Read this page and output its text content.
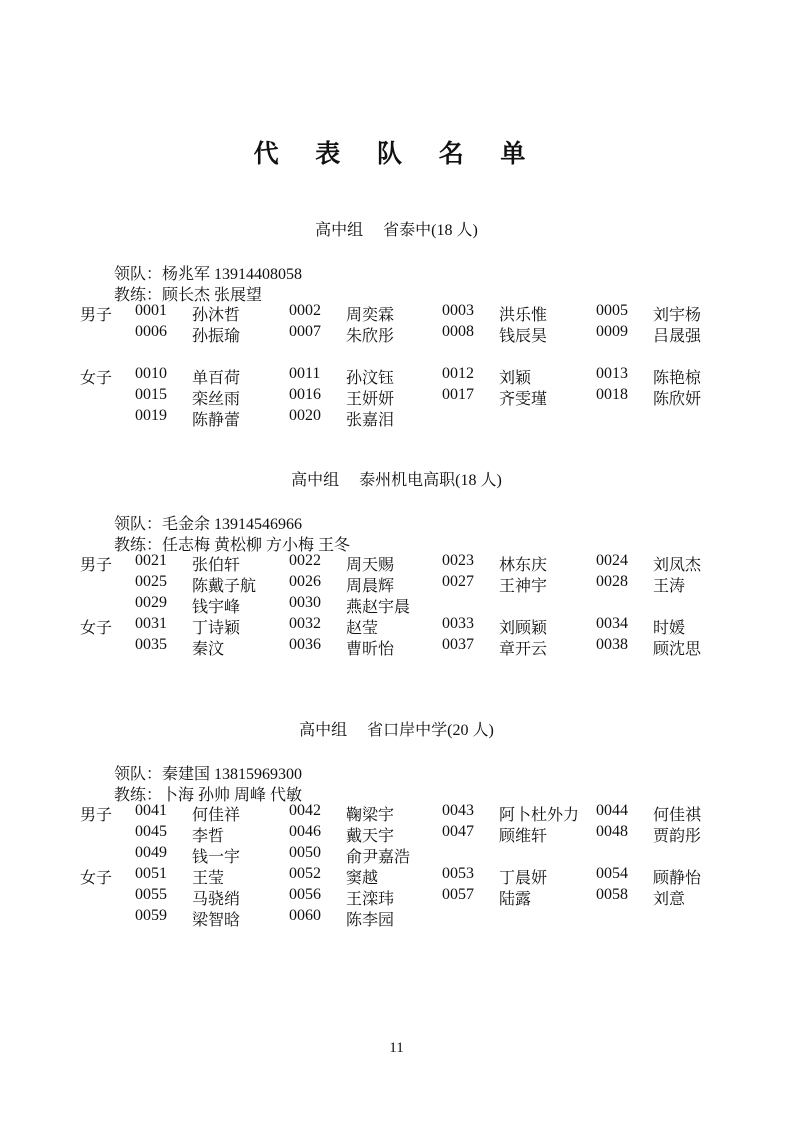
代 表 队 名 单
高中组 省泰中(18 人)
领队：杨兆军 13914408058
教练：顾长杰 张展望
男子 0001 孙沐哲	0002 周奕霖	0003 洪乐惟	0005 刘宇杨
0006 孙振瑜	0007 朱欣彤	0008 钱辰昊	0009 吕晟强
女子 0010 单百荷	0011 孙汶钰	0012 刘颖	0013 陈艳椋
0015 栾丝雨	0016 王妍妍	0017 齐雯瑾	0018 陈欣妍
0019 陈静蕾	0020 张嘉泪
高中组 泰州机电高职(18 人)
领队：毛金余 13914546966
教练：任志梅 黄松柳 方小梅 王冬
男子 0021 张伯轩	0022 周天赐	0023 林东庆	0024 刘凤杰
0025 陈戴子航 0026 周晨辉	0027 王神宇	0028 王涛
0029 钱宇峰	0030 燕赵宇晨
女子 0031 丁诗颖	0032 赵莹	0033 刘顾颖	0034 时媛
0035 秦汶	0036 曹昕怡	0037 章开云	0038 顾沈思
高中组 省口岸中学(20 人)
领队：秦建国 13815969300
教练：卜海 孙帅 周峰 代敏
男子 0041 何佳祥	0042 鞠梁宇	0043 阿卜杜外力 0044 何佳祺
0045 李哲	0046 戴天宇	0047 顾维轩	0048 贾韵彤
0049 钱一宇	0050 俞尹嘉浩
女子 0051 王莹	0052 窦越	0053 丁晨妍	0054 顾静怡
0055 马骁绡	0056 王滦玮	0057 陆露	0058 刘意
0059 梁智晗	0060 陈李园
11
